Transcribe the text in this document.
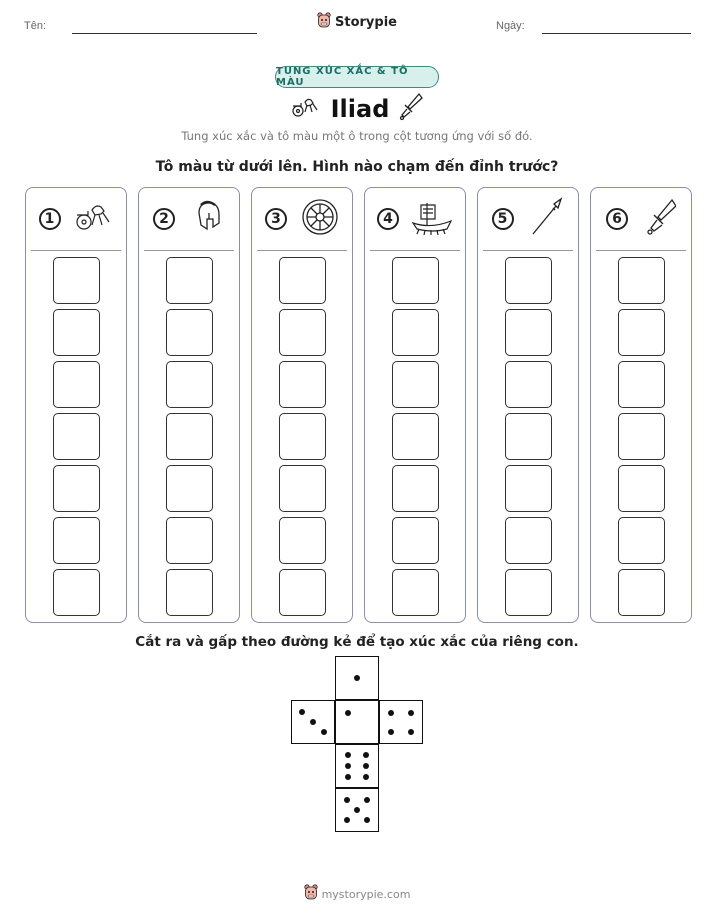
Tên:	Storypie	Ngày:
TUNG XÚC XẮC & TÔ MÀU
Iliad
Tung xúc xắc và tô màu một ô trong cột tương ứng với số đó.
Tô màu từ dưới lên. Hình nào chạm đến đỉnh trước?
1	2	3	4	5	6
Cắt ra và gấp theo đường kẻ để tạo xúc xắc của riêng con.
mystorypie.com
